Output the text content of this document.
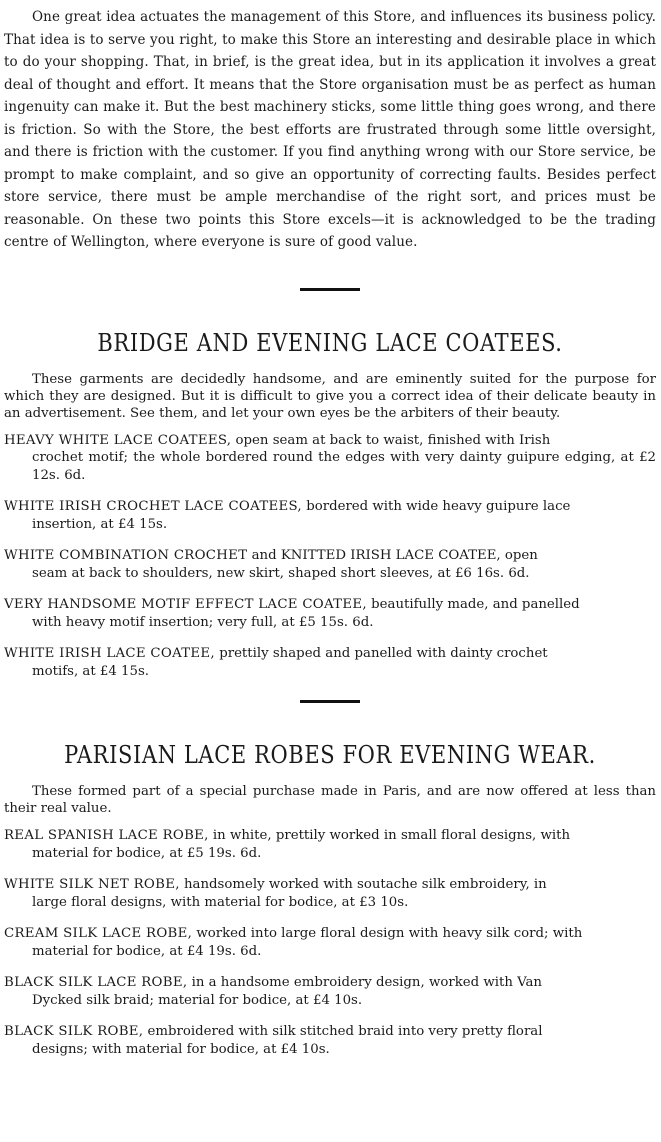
One great idea actuates the management of this Store, and influences its business policy. That idea is to serve you right, to make this Store an interesting and desirable place in which to do your shopping. That, in brief, is the great idea, but in its application it involves a great deal of thought and effort. It means that the Store organisation must be as perfect as human ingenuity can make it. But the best machinery sticks, some little thing goes wrong, and there is friction. So with the Store, the best efforts are frustrated through some little oversight, and there is friction with the customer. If you find anything wrong with our Store service, be prompt to make complaint, and so give an opportunity of correcting faults. Besides perfect store service, there must be ample merchandise of the right sort, and prices must be reasonable. On these two points this Store excels—it is acknowledged to be the trading centre of Wellington, where everyone is sure of good value.

BRIDGE AND EVENING LACE COATEES.

These garments are decidedly handsome, and are eminently suited for the purpose for which they are designed. But it is difficult to give you a correct idea of their delicate beauty in an advertisement. See them, and let your own eyes be the arbiters of their beauty.

HEAVY WHITE LACE COATEES, open seam at back to waist, finished with Irish
crochet motif; the whole bordered round the edges with very dainty guipure edging, at £2 12s. 6d.

WHITE IRISH CROCHET LACE COATEES, bordered with wide heavy guipure lace
insertion, at £4 15s.

WHITE COMBINATION CROCHET and KNITTED IRISH LACE COATEE, open
seam at back to shoulders, new skirt, shaped short sleeves, at £6 16s. 6d.

VERY HANDSOME MOTIF EFFECT LACE COATEE, beautifully made, and panelled
with heavy motif insertion; very full, at £5 15s. 6d.

WHITE IRISH LACE COATEE, prettily shaped and panelled with dainty crochet
motifs, at £4 15s.

PARISIAN LACE ROBES FOR EVENING WEAR.

These formed part of a special purchase made in Paris, and are now offered at less than their real value.

REAL SPANISH LACE ROBE, in white, prettily worked in small floral designs, with
material for bodice, at £5 19s. 6d.

WHITE SILK NET ROBE, handsomely worked with soutache silk embroidery, in
large floral designs, with material for bodice, at £3 10s.

CREAM SILK LACE ROBE, worked into large floral design with heavy silk cord; with
material for bodice, at £4 19s. 6d.

BLACK SILK LACE ROBE, in a handsome embroidery design, worked with Van
Dycked silk braid; material for bodice, at £4 10s.

BLACK SILK ROBE, embroidered with silk stitched braid into very pretty floral
designs; with material for bodice, at £4 10s.
